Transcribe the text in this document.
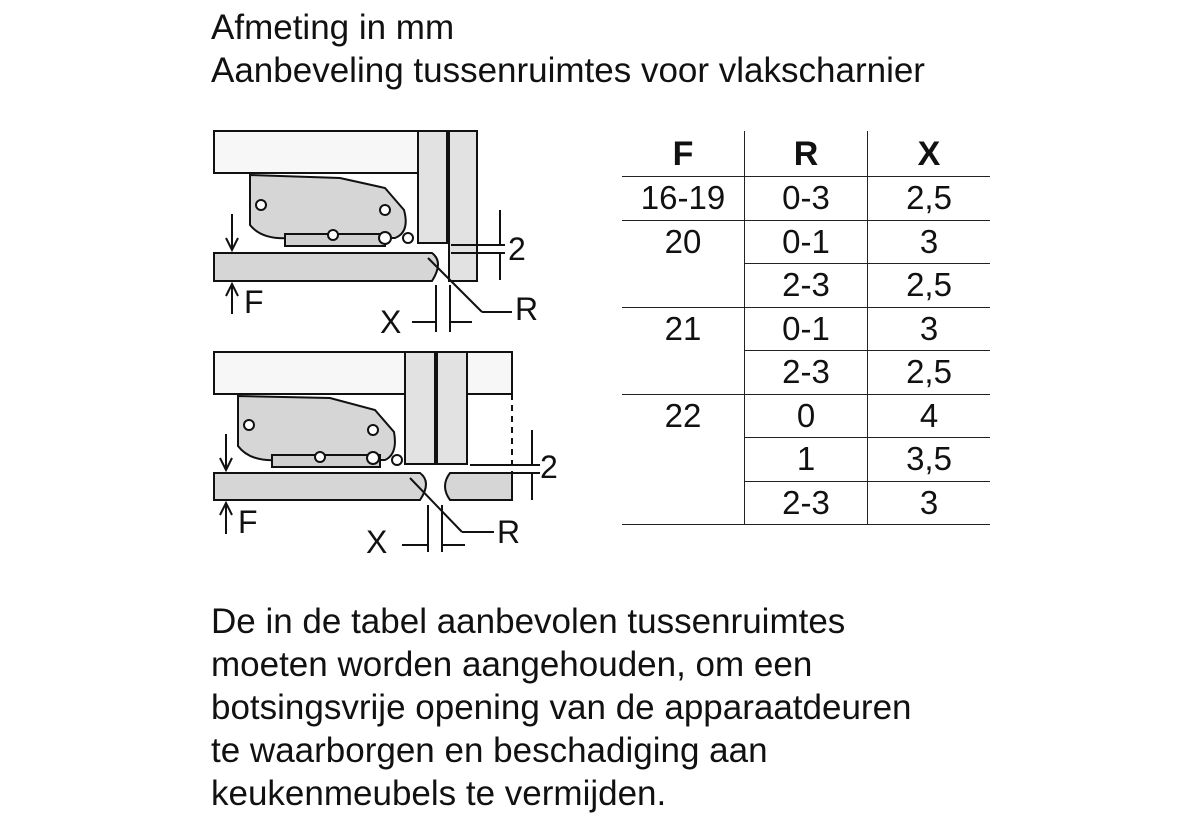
Afmeting in mm
Aanbeveling tussenruimtes voor vlakscharnier
2
F
X	R
2
F
X	R
F	R	X
16-19	0-3	2,5
20	0-1	3
	2-3	2,5
21	0-1	3
	2-3	2,5
22	0	4
	1	3,5
	2-3	3
De in de tabel aanbevolen tussenruimtes
moeten worden aangehouden, om een
botsingsvrije opening van de apparaatdeuren
te waarborgen en beschadiging aan
keukenmeubels te vermijden.
